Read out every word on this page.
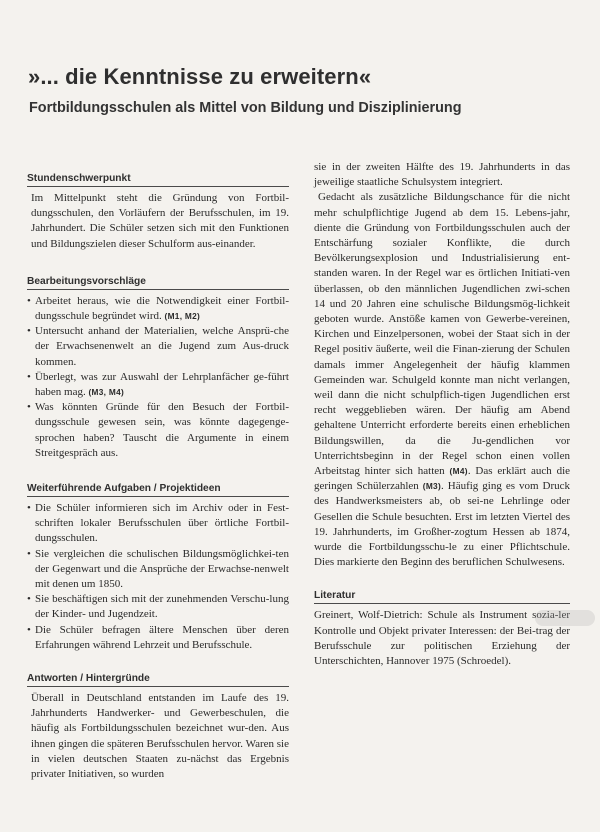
»... die Kenntnisse zu erweitern«
Fortbildungsschulen als Mittel von Bildung und Disziplinierung
Stundenschwerpunkt
Im Mittelpunkt steht die Gründung von Fortbil-dungsschulen, den Vorläufern der Berufsschulen, im 19. Jahrhundert. Die Schüler setzen sich mit den Funktionen und Bildungszielen dieser Schulform aus-einander.
Bearbeitungsvorschläge
• Arbeitet heraus, wie die Notwendigkeit einer Fortbil-dungsschule begründet wird. (M1, M2)
• Untersucht anhand der Materialien, welche Ansprü-che der Erwachsenenwelt an die Jugend zum Aus-druck kommen.
• Überlegt, was zur Auswahl der Lehrplanfächer ge-führt haben mag. (M3, M4)
• Was könnten Gründe für den Besuch der Fortbil-dungsschule gewesen sein, was könnte dagegenge-sprochen haben? Tauscht die Argumente in einem Streitgespräch aus.
Weiterführende Aufgaben / Projektideen
• Die Schüler informieren sich im Archiv oder in Fest-schriften lokaler Berufsschulen über örtliche Fortbil-dungsschulen.
• Sie vergleichen die schulischen Bildungsmöglichkei-ten der Gegenwart und die Ansprüche der Erwachse-nenwelt mit denen um 1850.
• Sie beschäftigen sich mit der zunehmenden Verschu-lung der Kinder- und Jugendzeit.
• Die Schüler befragen ältere Menschen über deren Erfahrungen während Lehrzeit und Berufsschule.
Antworten / Hintergründe
Überall in Deutschland entstanden im Laufe des 19. Jahrhunderts Handwerker- und Gewerbeschulen, die häufig als Fortbildungsschulen bezeichnet wur-den. Aus ihnen gingen die späteren Berufsschulen hervor. Waren sie in vielen deutschen Staaten zu-nächst das Ergebnis privater Initiativen, so wurden
sie in der zweiten Hälfte des 19. Jahrhunderts in das jeweilige staatliche Schulsystem integriert.
Gedacht als zusätzliche Bildungschance für die nicht mehr schulpflichtige Jugend ab dem 15. Lebens-jahr, diente die Gründung von Fortbildungsschulen auch der Entschärfung sozialer Konflikte, die durch Bevölkerungsexplosion und Industrialisierung ent-standen waren. In der Regel war es örtlichen Initiati-ven überlassen, ob den männlichen Jugendlichen zwi-schen 14 und 20 Jahren eine schulische Bildungsmög-lichkeit geboten wurde. Anstöße kamen von Gewerbe-vereinen, Kirchen und Einzelpersonen, wobei der Staat sich in der Regel positiv äußerte, weil die Finan-zierung der Schulen damals immer Angelegenheit der häufig klammen Gemeinden war. Schulgeld konnte man nicht verlangen, weil dann die nicht schulpflich-tigen Jugendlichen erst recht weggeblieben wären. Der häufig am Abend gehaltene Unterricht erforderte bereits einen erheblichen Bildungswillen, da die Ju-gendlichen vor Unterrichtsbeginn in der Regel schon einen vollen Arbeitstag hinter sich hatten (M4). Das erklärt auch die geringen Schülerzahlen (M3). Häufig ging es vom Druck des Handwerksmeisters ab, ob sei-ne Lehrlinge oder Gesellen die Schule besuchten. Erst im letzten Viertel des 19. Jahrhunderts, im Großher-zogtum Hessen ab 1874, wurde die Fortbildungsschu-le zu einer Pflichtschule. Dies markierte den Beginn des beruflichen Schulwesens.
Literatur
Greinert, Wolf-Dietrich: Schule als Instrument sozia-ler Kontrolle und Objekt privater Interessen: der Bei-trag der Berufsschule zur politischen Erziehung der Unterschichten, Hannover 1975 (Schroedel).
